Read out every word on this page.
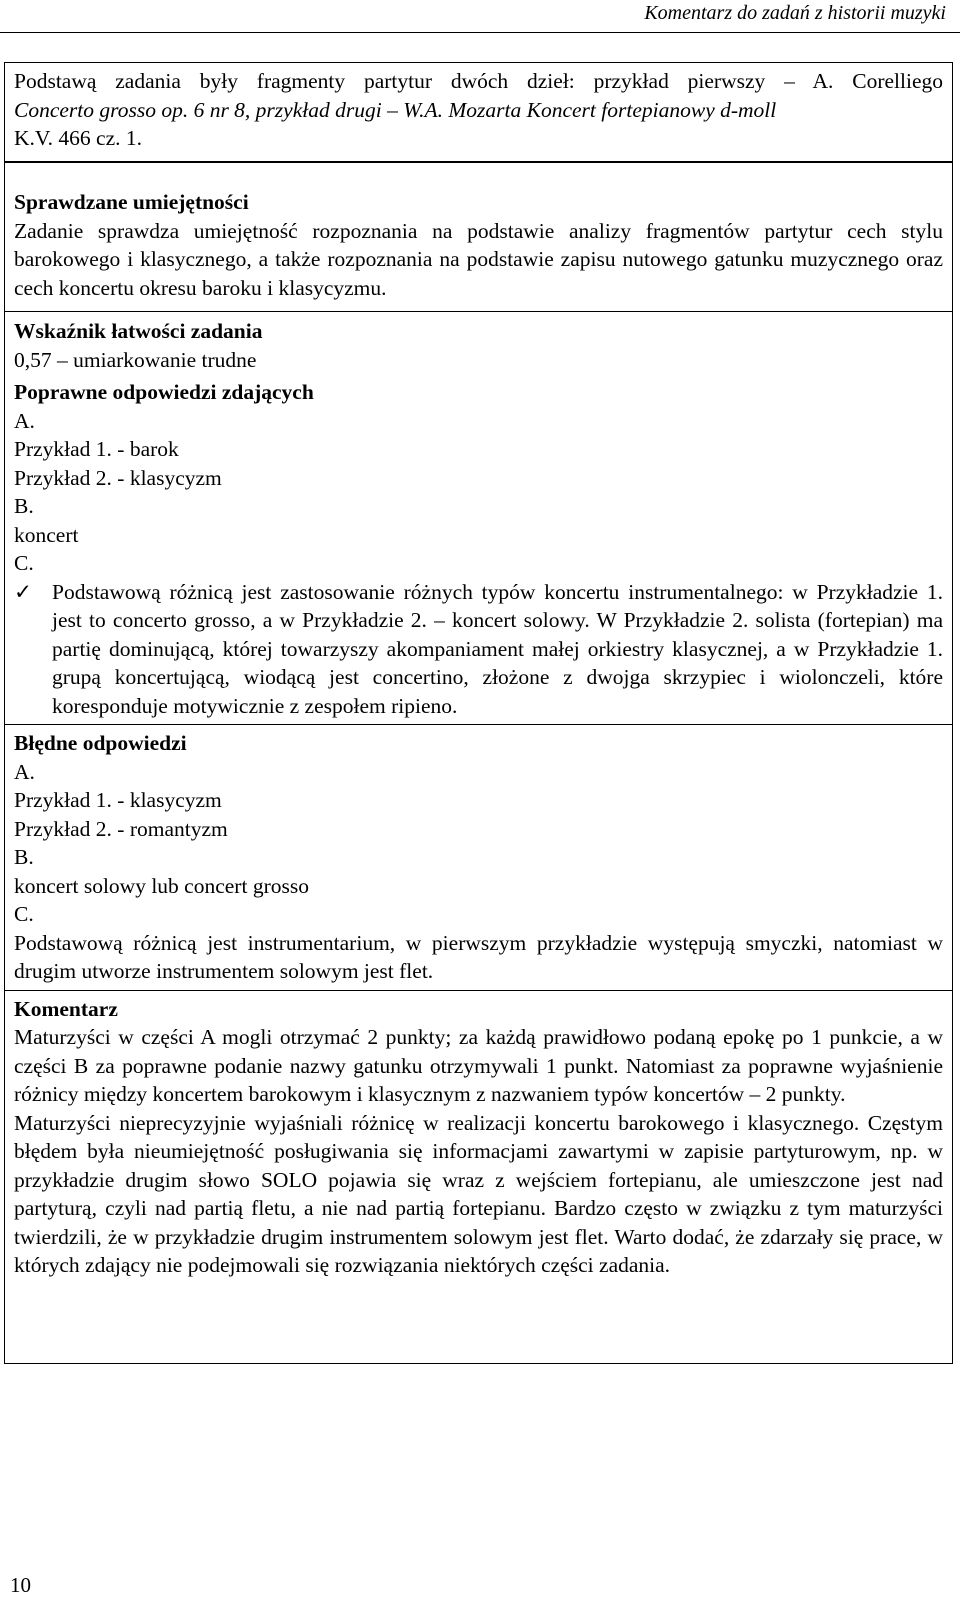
Komentarz do zadań z historii muzyki

Podstawą zadania były fragmenty partytur dwóch dzieł: przykład pierwszy – A. Corelliego

Concerto grosso op. 6 nr 8, przykład drugi – W.A. Mozarta Koncert fortepianowy d-moll

K.V. 466 cz. 1.

Sprawdzane umiejętności

Zadanie sprawdza umiejętność rozpoznania na podstawie analizy fragmentów partytur cech stylu barokowego i klasycznego, a także rozpoznania na podstawie zapisu nutowego gatunku muzycznego oraz cech koncertu okresu baroku i klasycyzmu.

Wskaźnik łatwości zadania

0,57 – umiarkowanie trudne

Poprawne odpowiedzi zdających

A.

Przykład 1. - barok

Przykład 2. - klasycyzm

B.

koncert

C.

✓ Podstawową różnicą jest zastosowanie różnych typów koncertu instrumentalnego: w Przykładzie 1. jest to concerto grosso, a w Przykładzie 2. – koncert solowy. W Przykładzie 2. solista (fortepian) ma partię dominującą, której towarzyszy akompaniament małej orkiestry klasycznej, a w Przykładzie 1. grupą koncertującą, wiodącą jest concertino, złożone z dwojga skrzypiec i wiolonczeli, które koresponduje motywicznie z zespołem ripieno.

Błędne odpowiedzi

A.

Przykład 1. - klasycyzm

Przykład 2. - romantyzm

B.

koncert solowy lub concert grosso

C.

Podstawową różnicą jest instrumentarium, w pierwszym przykładzie występują smyczki, natomiast w drugim utworze instrumentem solowym jest flet.

Komentarz

Maturzyści w części A mogli otrzymać 2 punkty; za każdą prawidłowo podaną epokę po 1 punkcie, a w części B za poprawne podanie nazwy gatunku otrzymywali 1 punkt. Natomiast za poprawne wyjaśnienie różnicy między koncertem barokowym i klasycznym z nazwaniem typów koncertów – 2 punkty.

Maturzyści nieprecyzyjnie wyjaśniali różnicę w realizacji koncertu barokowego i klasycznego. Częstym błędem była nieumiejętność posługiwania się informacjami zawartymi w zapisie partyturowym, np. w przykładzie drugim słowo SOLO pojawia się wraz z wejściem fortepianu, ale umieszczone jest nad partyturą, czyli nad partią fletu, a nie nad partią fortepianu. Bardzo często w związku z tym maturzyści twierdzili, że w przykładzie drugim instrumentem solowym jest flet. Warto dodać, że zdarzały się prace, w których zdający nie podejmowali się rozwiązania niektórych części zadania.

10
